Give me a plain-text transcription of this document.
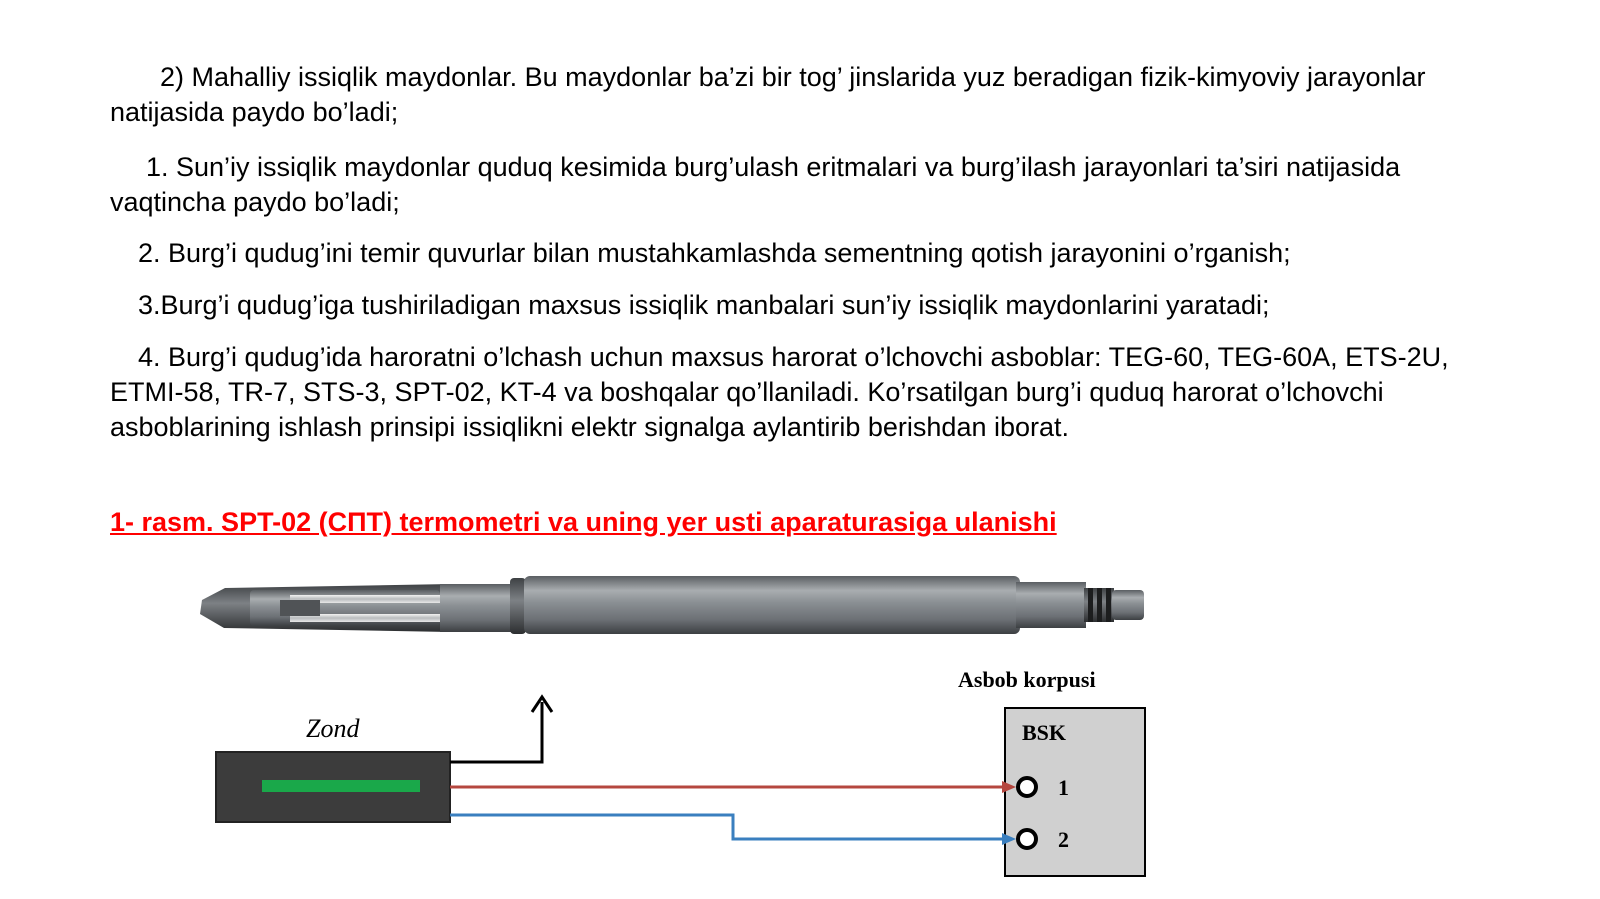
2) Mahalliy issiqlik maydonlar. Bu maydonlar ba’zi bir tog’ jinslarida yuz beradigan fizik-kimyoviy jarayonlar natijasida paydo bo’ladi;

1. Sun’iy issiqlik maydonlar quduq kesimida burg’ulash eritmalari va burg’ilash jarayonlari ta’siri natijasida vaqtincha paydo bo’ladi;

2. Burg’i qudug’ini temir quvurlar bilan mustahkamlashda sementning qotish jarayonini o’rganish;

3.Burg’i qudug’iga tushiriladigan maxsus issiqlik manbalari sun’iy issiqlik maydonlarini yaratadi;

4. Burg’i qudug’ida haroratni o’lchash uchun maxsus harorat o’lchovchi asboblar: TEG-60, TEG-60A, ETS-2U, ETMI-58, TR-7, STS-3, SPT-02, KT-4 va boshqalar qo’llaniladi. Ko’rsatilgan burg’i quduq harorat o’lchovchi asboblarining ishlash prinsipi issiqlikni elektr signalga aylantirib berishdan iborat.

1- rasm. SPT-02 (СПТ) termometri va uning yer usti aparaturasiga ulanishi

Zond
Asbob korpusi
BSK
1
2
